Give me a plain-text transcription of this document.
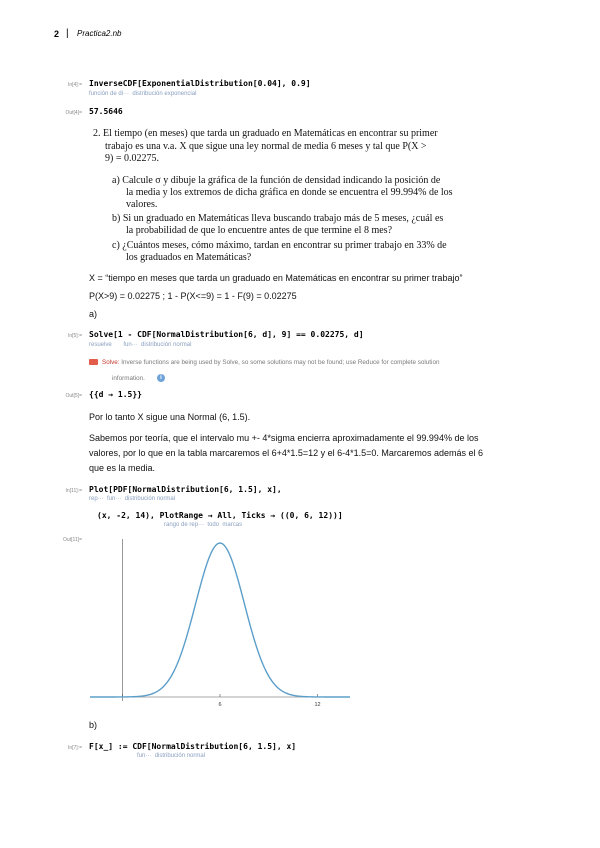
2 | Practica2.nb
In[4]:= InverseCDF[ExponentialDistribution[0.04], 0.9]
función de di··· distribución exponencial
Out[4]= 57.5646
2. El tiempo (en meses) que tarda un graduado en Matemáticas en encontrar su primer
trabajo es una v.a. X que sigue una ley normal de media 6 meses y tal que P(X >
9) = 0.02275.
a) Calcule σ y dibuje la gráfica de la función de densidad indicando la posición de
la media y los extremos de dicha gráfica en donde se encuentra el 99.994% de los
valores.
b) Si un graduado en Matemáticas lleva buscando trabajo más de 5 meses, ¿cuál es
la probabilidad de que lo encuentre antes de que termine el 8 mes?
c) ¿Cuántos meses, cómo máximo, tardan en encontrar su primer trabajo en 33% de
los graduados en Matemáticas?
X = “tiempo en meses que tarda un graduado en Matemáticas en encontrar su primer trabajo”
P(X>9) = 0.02275 ; 1 - P(X<=9) = 1 - F(9) = 0.02275
a)
In[5]:= Solve[1 - CDF[NormalDistribution[6, d], 9] == 0.02275, d]
resuelve fun··· distribución normal
Solve: Inverse functions are being used by Solve, so some solutions may not be found; use Reduce for complete solution
information.	i
Out[5]= {{d → 1.5}}
Por lo tanto X sigue una Normal (6, 1.5).
Sabemos por teoría, que el intervalo mu +- 4*sigma encierra aproximadamente el 99.994% de los
valores, por lo que en la tabla marcaremos el 6+4*1.5=12 y el 6-4*1.5=0. Marcaremos además el 6
que es la media.
In[11]:= Plot[PDF[NormalDistribution[6, 1.5], x],
rep··· fun··· distribución normal
(x, -2, 14), PlotRange → All, Ticks → ((0, 6, 12))]
rango de rep··· todo marcas
Out[11]=
6	12
b)
In[7]:= F[x_] := CDF[NormalDistribution[6, 1.5], x]
fun··· distribución normal
